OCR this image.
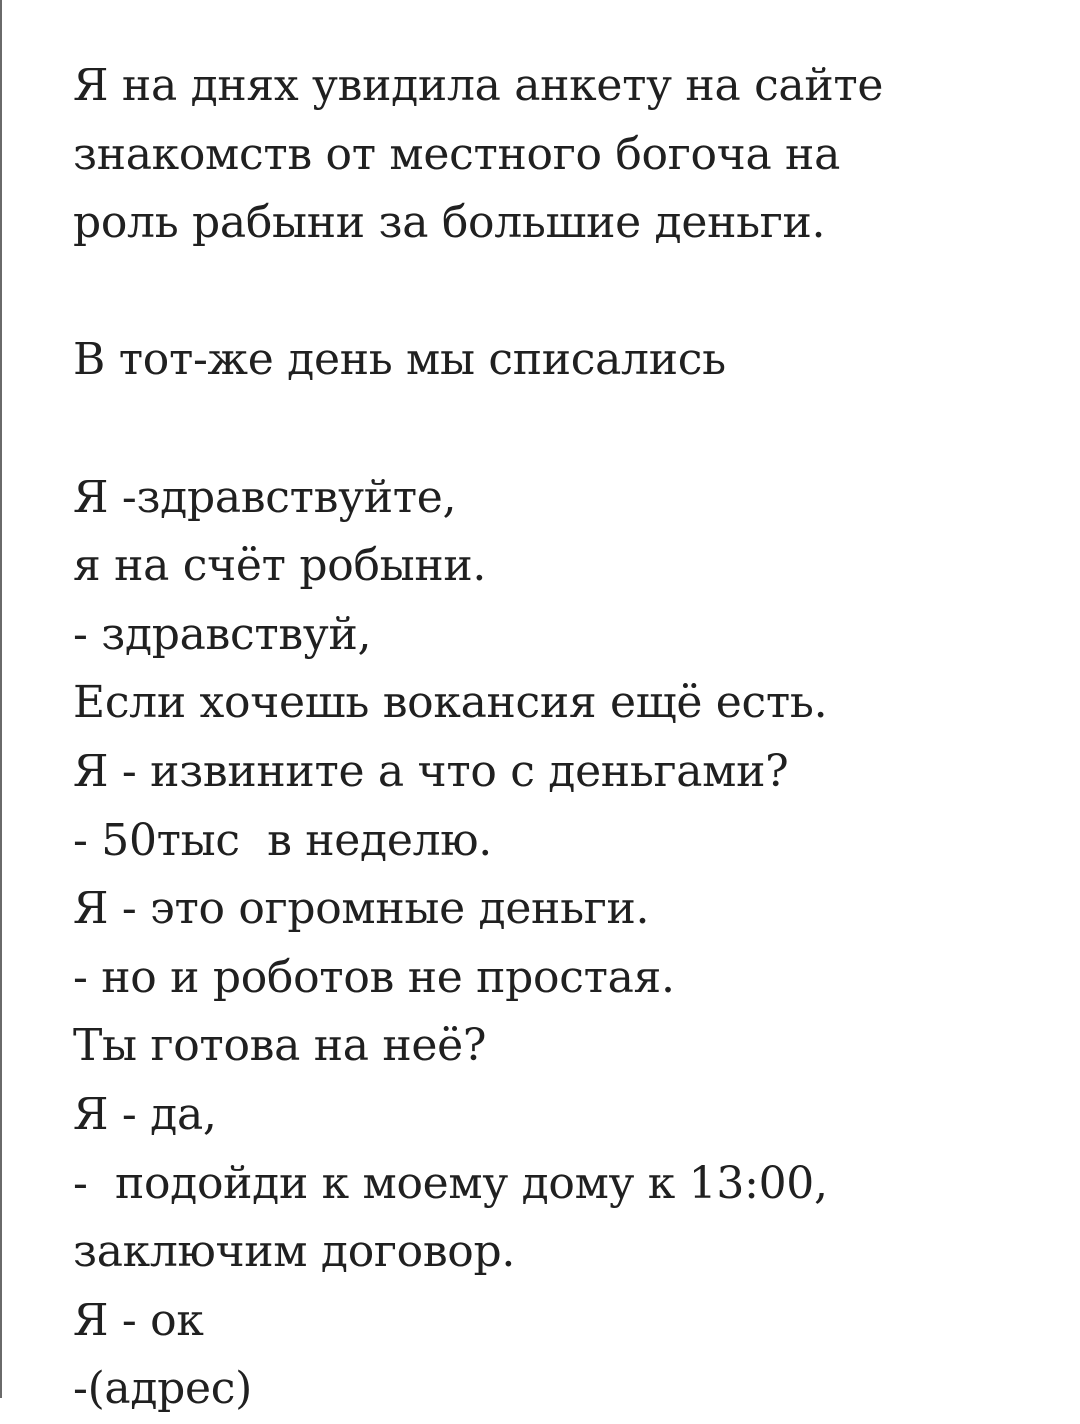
Я на днях увидила анкету на сайте

знакомств от местного богоча на

роль рабыни за большие деньги.

В тот-же день мы списались

Я -здравствуйте,

я на счёт робыни.

- здравствуй,

Если хочешь вокансия ещё есть.

Я - извините а что с деньгами?

- 50тыс  в неделю.

Я - это огромные деньги.

- но и роботов не простая.

Ты готова на неё?

Я - да,

-  подойди к моему дому к 13:00,

заключим договор.

Я - ок

-(адрес)
